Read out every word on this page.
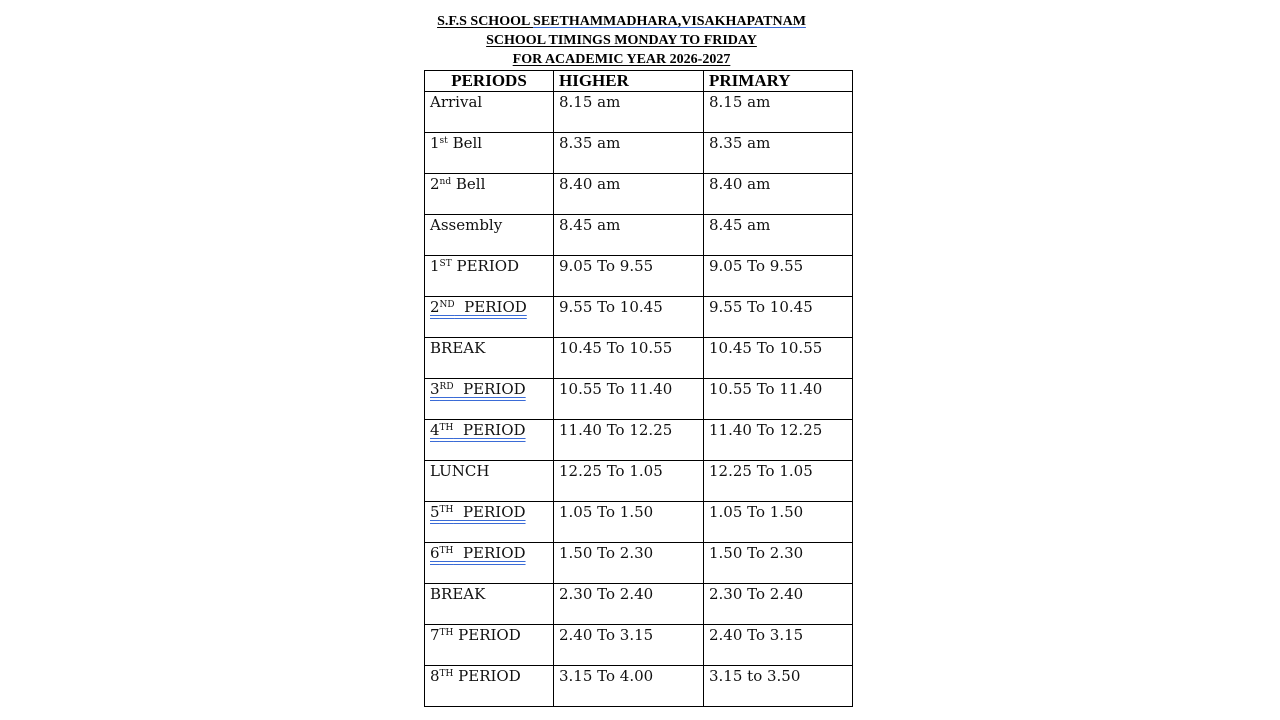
S.F.S SCHOOL SEETHAMMADHARA,VISAKHAPATNAM
SCHOOL TIMINGS MONDAY TO FRIDAY
FOR ACADEMIC YEAR 2026-2027
PERIODS	HIGHER	PRIMARY
Arrival	8.15 am	8.15 am
1st Bell	8.35 am	8.35 am
2nd Bell	8.40 am	8.40 am
Assembly	8.45 am	8.45 am
1ST PERIOD	9.05 To 9.55	9.05 To 9.55
2ND  PERIOD	9.55 To 10.45	9.55 To 10.45
BREAK	10.45 To 10.55	10.45 To 10.55
3RD  PERIOD	10.55 To 11.40	10.55 To 11.40
4TH  PERIOD	11.40 To 12.25	11.40 To 12.25
LUNCH	12.25 To 1.05	12.25 To 1.05
5TH  PERIOD	1.05 To 1.50	1.05 To 1.50
6TH  PERIOD	1.50 To 2.30	1.50 To 2.30
BREAK	2.30 To 2.40	2.30 To 2.40
7TH PERIOD	2.40 To 3.15	2.40 To 3.15
8TH PERIOD	3.15 To 4.00	3.15 to 3.50
